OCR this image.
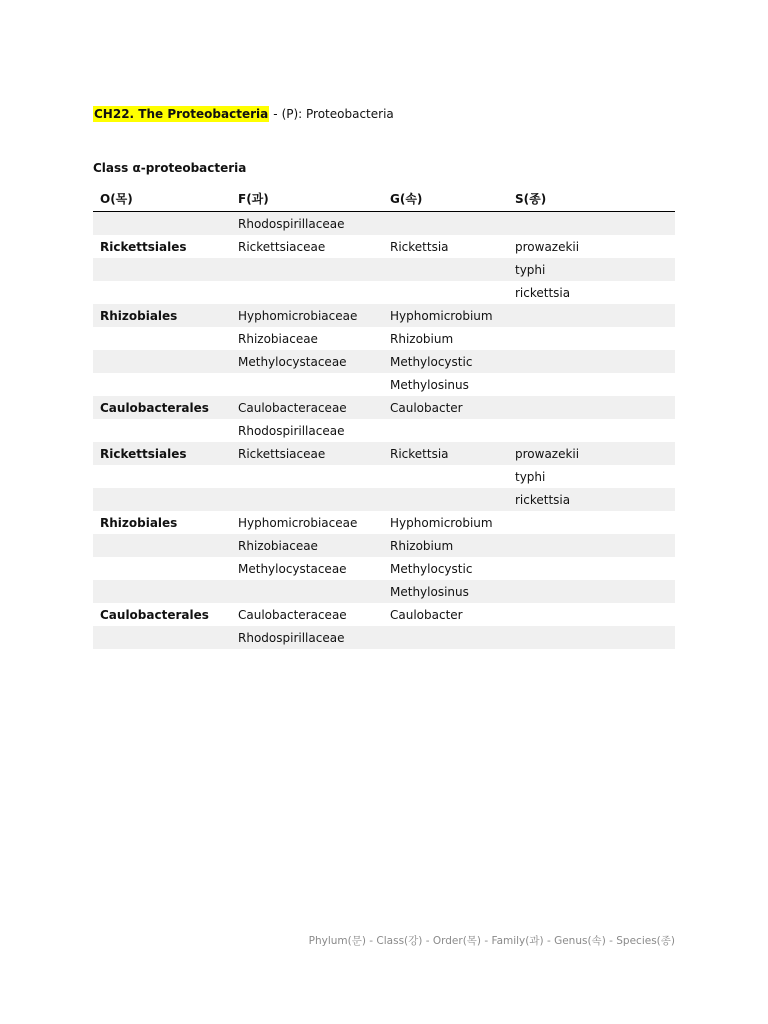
CH22. The Proteobacteria - (P): Proteobacteria
Class α-proteobacteria
O(목)	F(과)	G(속)	S(종)
	Rhodospirillaceae		
Rickettsiales	Rickettsiaceae	Rickettsia	prowazekii
			typhi
			rickettsia
Rhizobiales	Hyphomicrobiaceae	Hyphomicrobium	
	Rhizobiaceae	Rhizobium	
	Methylocystaceae	Methylocystic	
		Methylosinus	
Caulobacterales	Caulobacteraceae	Caulobacter	
	Rhodospirillaceae		
Rickettsiales	Rickettsiaceae	Rickettsia	prowazekii
			typhi
			rickettsia
Rhizobiales	Hyphomicrobiaceae	Hyphomicrobium	
	Rhizobiaceae	Rhizobium	
	Methylocystaceae	Methylocystic	
		Methylosinus	
Caulobacterales	Caulobacteraceae	Caulobacter	
	Rhodospirillaceae		
Phylum(문) - Class(강) - Order(목) - Family(과) - Genus(속) - Species(종)
